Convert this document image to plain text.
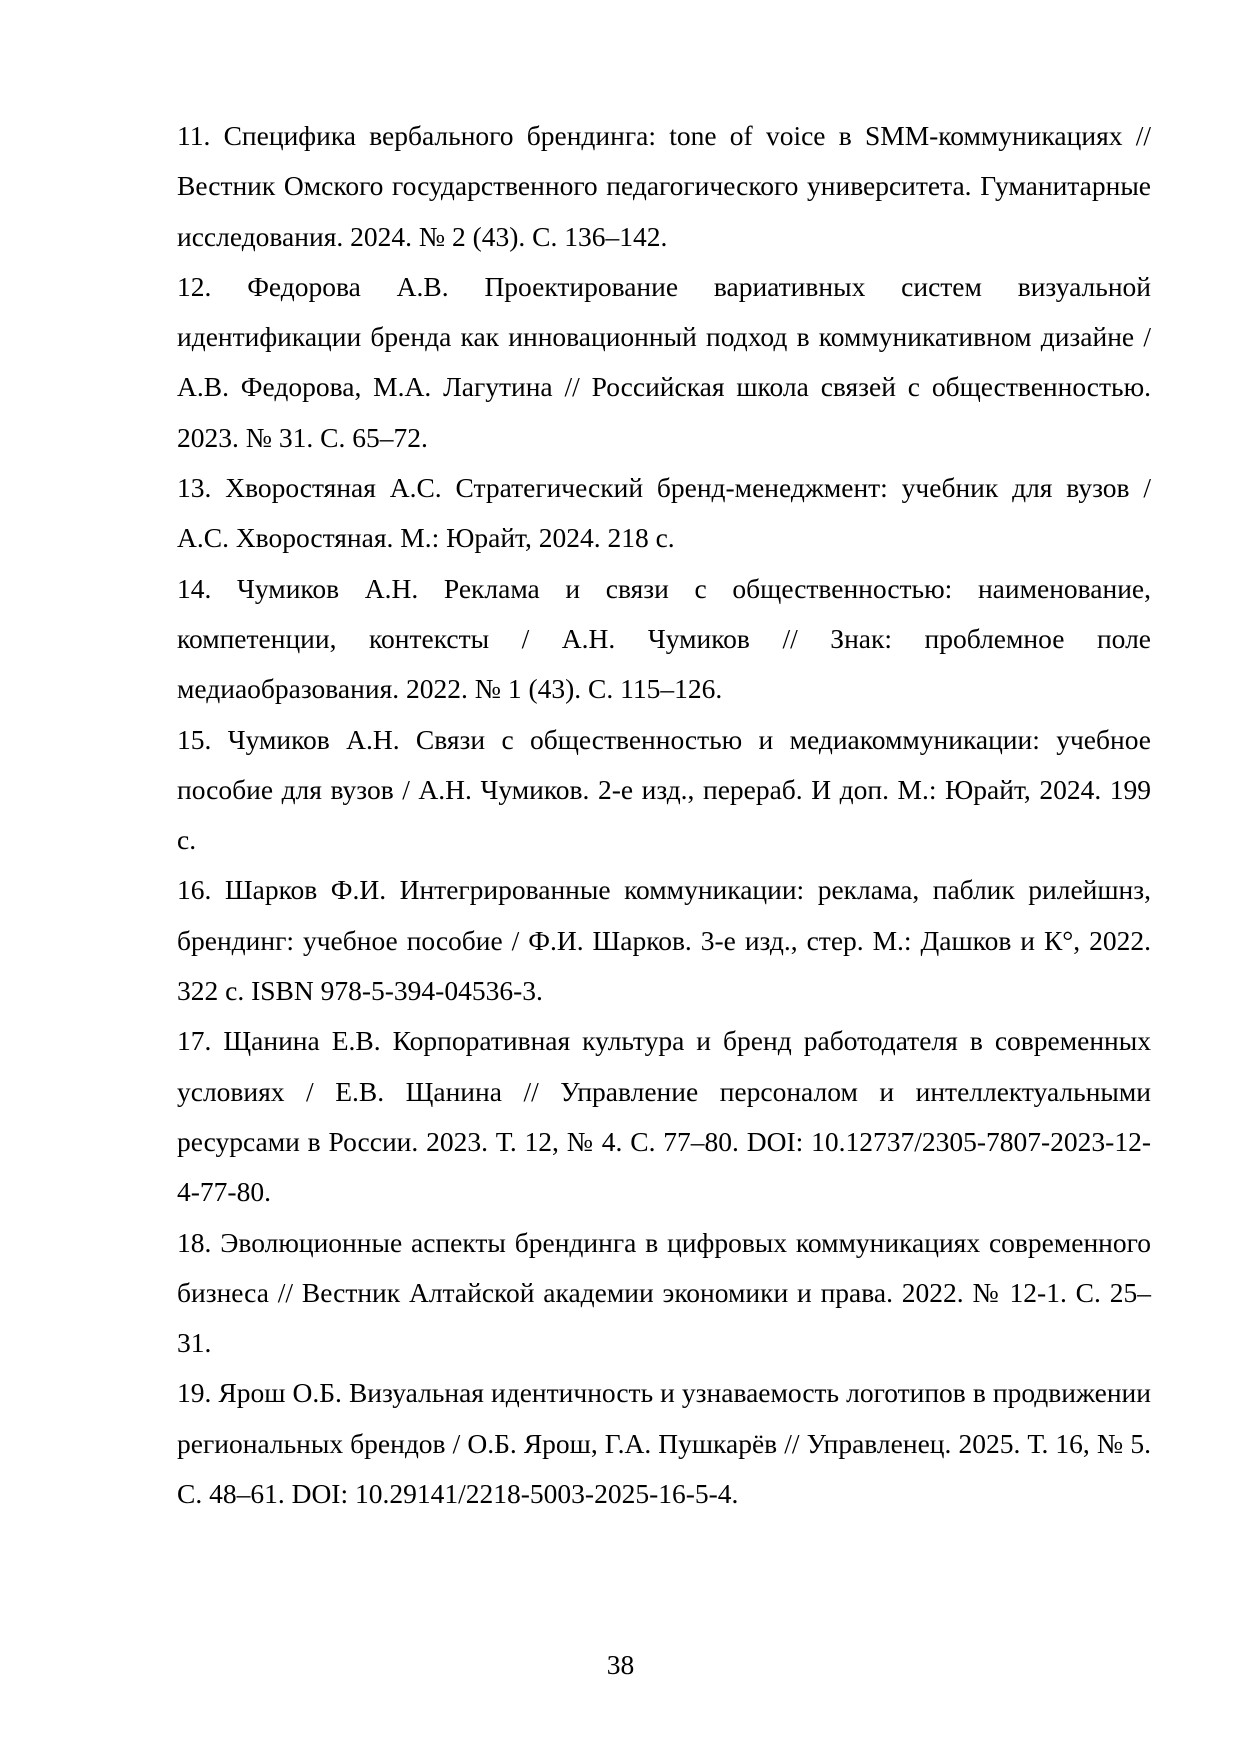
11. Специфика вербального брендинга: tone of voice в SMM-коммуникациях // Вестник Омского государственного педагогического университета. Гуманитарные исследования. 2024. № 2 (43). С. 136–142.
12. Федорова А.В. Проектирование вариативных систем визуальной идентификации бренда как инновационный подход в коммуникативном дизайне / А.В. Федорова, М.А. Лагутина // Российская школа связей с общественностью. 2023. № 31. С. 65–72.
13. Хворостяная А.С. Стратегический бренд-менеджмент: учебник для вузов / А.С. Хворостяная. М.: Юрайт, 2024. 218 с.
14. Чумиков А.Н. Реклама и связи с общественностью: наименование, компетенции, контексты / А.Н. Чумиков // Знак: проблемное поле медиаобразования. 2022. № 1 (43). С. 115–126.
15. Чумиков А.Н. Связи с общественностью и медиакоммуникации: учебное пособие для вузов / А.Н. Чумиков. 2-е изд., перераб. И доп. М.: Юрайт, 2024. 199 с.
16. Шарков Ф.И. Интегрированные коммуникации: реклама, паблик рилейшнз, брендинг: учебное пособие / Ф.И. Шарков. 3-е изд., стер. М.: Дашков и К°, 2022. 322 с. ISBN 978-5-394-04536-3.
17. Щанина Е.В. Корпоративная культура и бренд работодателя в современных условиях / Е.В. Щанина // Управление персоналом и интеллектуальными ресурсами в России. 2023. Т. 12, № 4. С. 77–80. DOI: 10.12737/2305-7807-2023-12-4-77-80.
18. Эволюционные аспекты брендинга в цифровых коммуникациях современного бизнеса // Вестник Алтайской академии экономики и права. 2022. № 12-1. С. 25–31.
19. Ярош О.Б. Визуальная идентичность и узнаваемость логотипов в продвижении региональных брендов / О.Б. Ярош, Г.А. Пушкарёв // Управленец. 2025. Т. 16, № 5. С. 48–61. DOI: 10.29141/2218-5003-2025-16-5-4.
38
